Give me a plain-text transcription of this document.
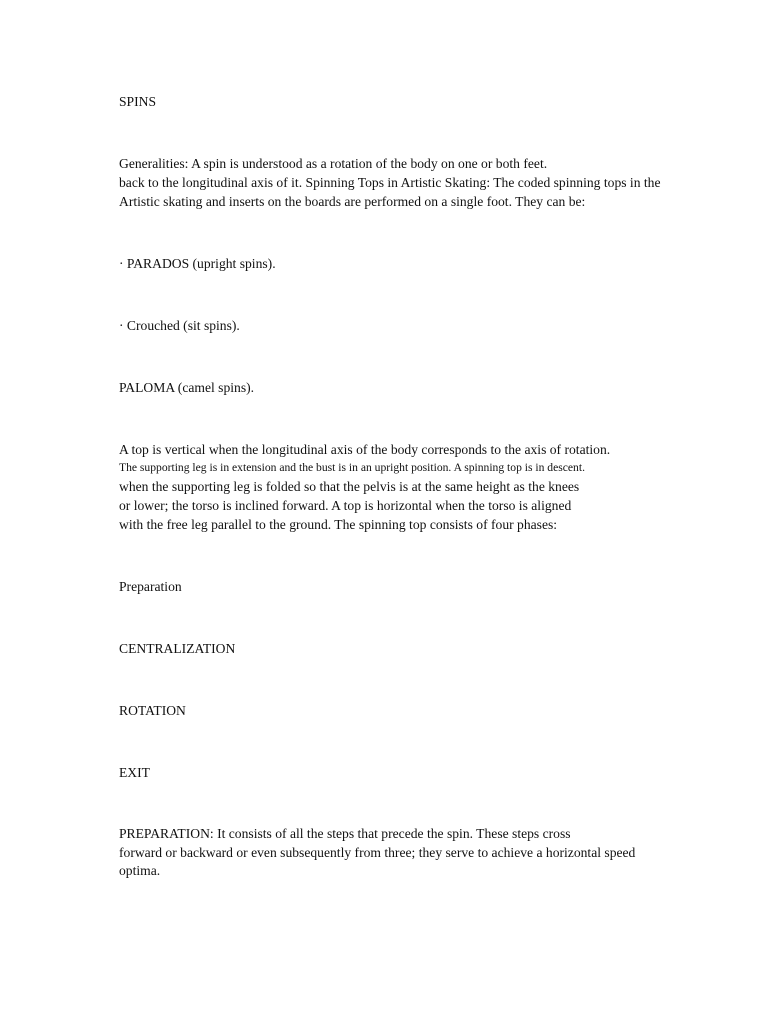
SPINS
Generalities: A spin is understood as a rotation of the body on one or both feet.
back to the longitudinal axis of it. Spinning Tops in Artistic Skating: The coded spinning tops in the
Artistic skating and inserts on the boards are performed on a single foot. They can be:
· PARADOS (upright spins).
· Crouched (sit spins).
PALOMA (camel spins).
A top is vertical when the longitudinal axis of the body corresponds to the axis of rotation.
The supporting leg is in extension and the bust is in an upright position. A spinning top is in descent.
when the supporting leg is folded so that the pelvis is at the same height as the knees
or lower; the torso is inclined forward. A top is horizontal when the torso is aligned
with the free leg parallel to the ground. The spinning top consists of four phases:
Preparation
CENTRALIZATION
ROTATION
EXIT
PREPARATION: It consists of all the steps that precede the spin. These steps cross
forward or backward or even subsequently from three; they serve to achieve a horizontal speed
optima.
